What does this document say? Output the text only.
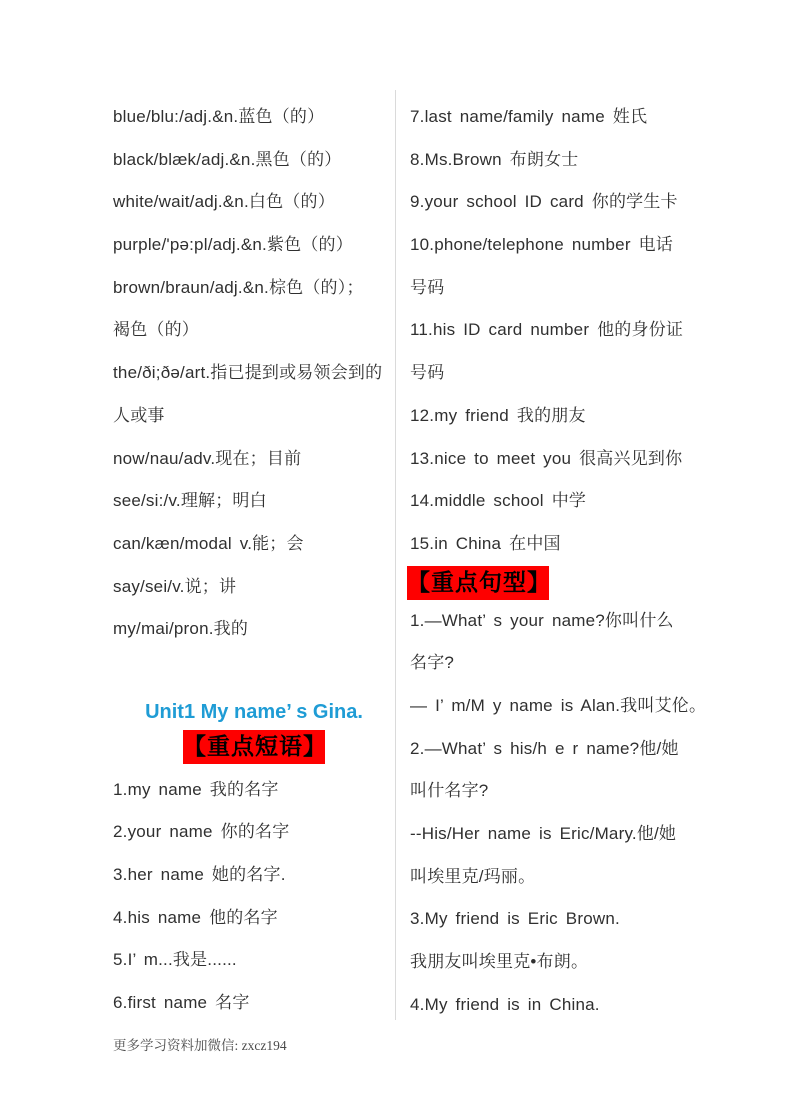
blue/blu:/adj.&n.蓝色（的）
black/blæk/adj.&n.黑色（的）
white/wait/adj.&n.白色（的）
purple/'pə:pl/adj.&n.紫色（的）
brown/braun/adj.&n.棕色（的）；
褐色（的）
the/ði;ðə/art.指已提到或易领会到的
人或事
now/nau/adv.现在；目前
see/si:/v.理解；明白
can/kæn/modal v.能；会
say/sei/v.说；讲
my/mai/pron.我的
Unit1 My name’ s Gina.
【重点短语】
1.my name 我的名字
2.your name 你的名字
3.her name 她的名字.
4.his name 他的名字
5.I’ m...我是......
6.first name 名字
7.last name/family name 姓氏
8.Ms.Brown 布朗女士
9.your school ID card 你的学生卡
10.phone/telephone number 电话
号码
11.his ID card number 他的身份证
号码
12.my friend 我的朋友
13.nice to meet you 很高兴见到你
14.middle school 中学
15.in China 在中国
【重点句型】
1.—What’ s your name?你叫什么
名字?
— I’ m/M y name is Alan.我叫艾伦。
2.—What’ s his/h e r name?他/她
叫什名字?
--His/Her name is Eric/Mary.他/她
叫埃里克/玛丽。
3.My friend is Eric Brown.
我朋友叫埃里克•布朗。
4.My friend is in China.
更多学习资料加微信: zxcz194
